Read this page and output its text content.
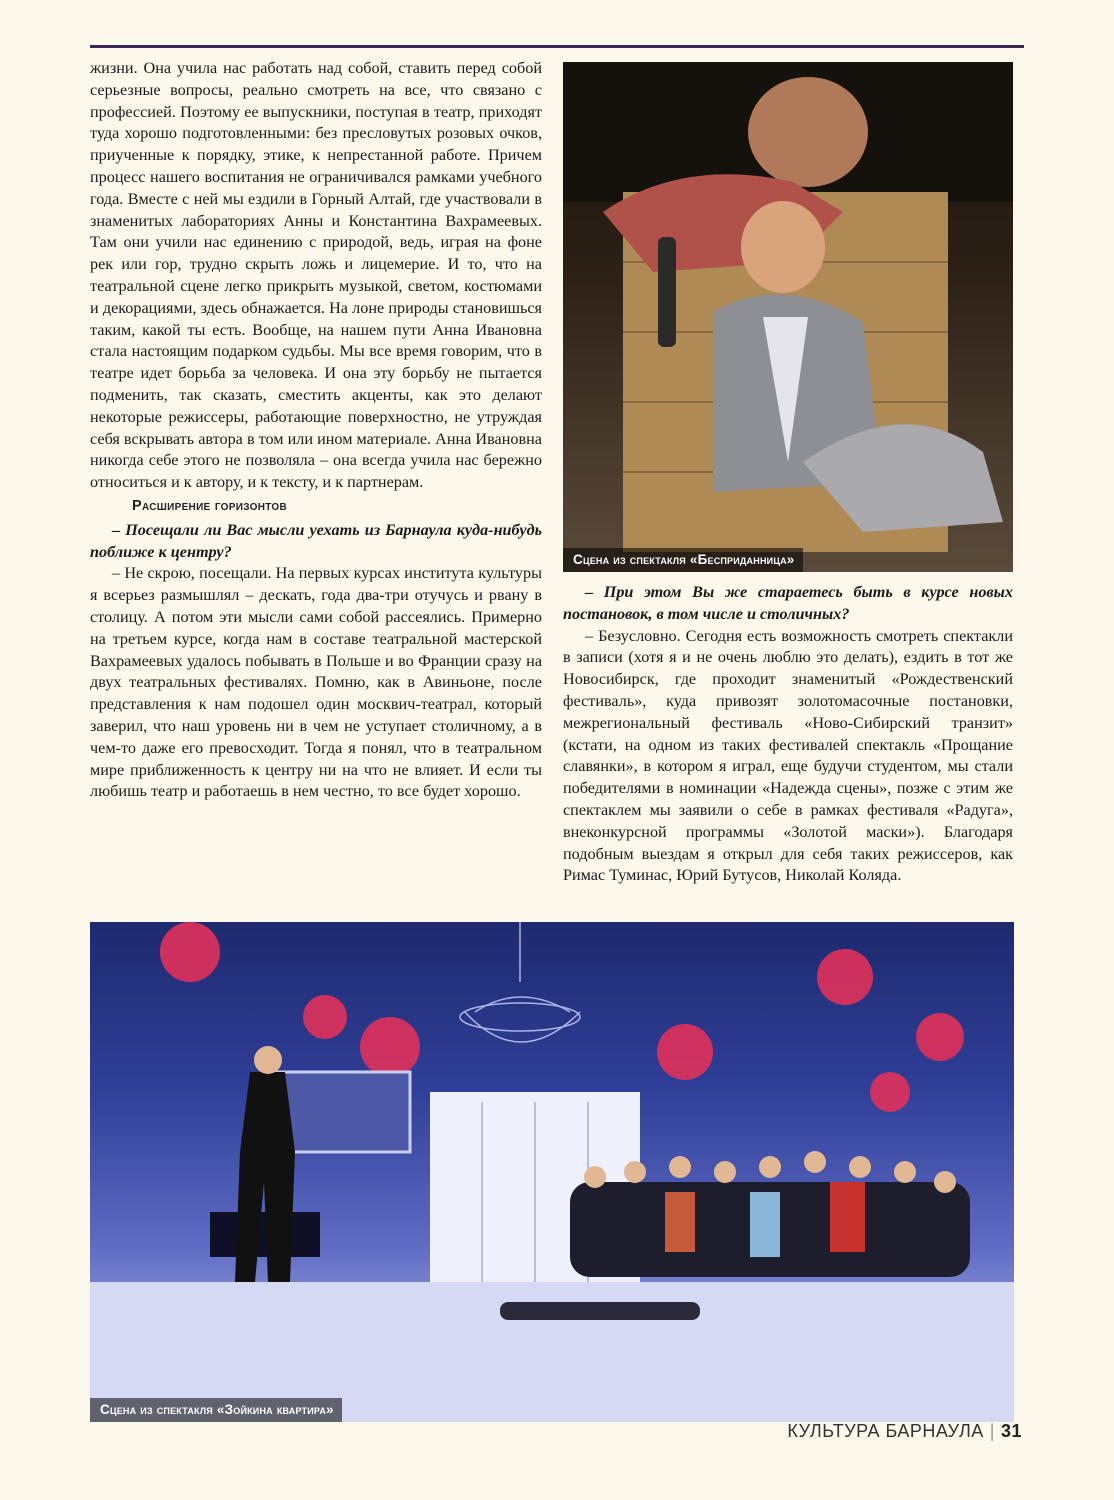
жизни. Она учила нас работать над собой, ставить перед собой серьезные вопросы, реально смотреть на все, что связано с профессией. Поэтому ее выпускники, поступая в театр, приходят туда хорошо подготовленными: без пресловутых розовых очков, приученные к порядку, этике, к непрестанной работе. Причем процесс нашего воспитания не ограничивался рамками учебного года. Вместе с ней мы ездили в Горный Алтай, где участвовали в знаменитых лабораториях Анны и Константина Вахрамеевых. Там они учили нас единению с природой, ведь, играя на фоне рек или гор, трудно скрыть ложь и лицемерие. И то, что на театральной сцене легко прикрыть музыкой, светом, костюмами и декорациями, здесь обнажается. На лоне природы становишься таким, какой ты есть. Вообще, на нашем пути Анна Ивановна стала настоящим подарком судьбы. Мы все время говорим, что в театре идет борьба за человека. И она эту борьбу не пытается подменить, так сказать, сместить акценты, как это делают некоторые режиссеры, работающие поверхностно, не утруждая себя вскрывать автора в том или ином материале. Анна Ивановна никогда себе этого не позволяла – она всегда учила нас бережно относиться и к автору, и к тексту, и к партнерам.

Расширение горизонтов

– Посещали ли Вас мысли уехать из Барнаула куда-нибудь поближе к центру?

– Не скрою, посещали. На первых курсах института культуры я всерьез размышлял – дескать, года два-три отучусь и рвану в столицу. А потом эти мысли сами собой рассеялись. Примерно на третьем курсе, когда нам в составе театральной мастерской Вахрамеевых удалось побывать в Польше и во Франции сразу на двух театральных фестивалях. Помню, как в Авиньоне, после представления к нам подошел один москвич-театрал, который заверил, что наш уровень ни в чем не уступает столичному, а в чем-то даже его превосходит. Тогда я понял, что в театральном мире приближенность к центру ни на что не влияет. И если ты любишь театр и работаешь в нем честно, то все будет хорошо.

Сцена из спектакля «Бесприданница»

– При этом Вы же стараетесь быть в курсе новых постановок, в том числе и столичных?

– Безусловно. Сегодня есть возможность смотреть спектакли в записи (хотя я и не очень люблю это делать), ездить в тот же Новосибирск, где проходит знаменитый «Рождественский фестиваль», куда привозят золотомасочные постановки, межрегиональный фестиваль «Ново-Сибирский транзит» (кстати, на одном из таких фестивалей спектакль «Прощание славянки», в котором я играл, еще будучи студентом, мы стали победителями в номинации «Надежда сцены», позже с этим же спектаклем мы заявили о себе в рамках фестиваля «Радуга», внеконкурсной программы «Золотой маски»). Благодаря подобным выездам я открыл для себя таких режиссеров, как Римас Туминас, Юрий Бутусов, Николай Коляда.

Сцена из спектакля «Зойкина квартира»
КУЛЬТУРА БАРНАУЛА | 31
